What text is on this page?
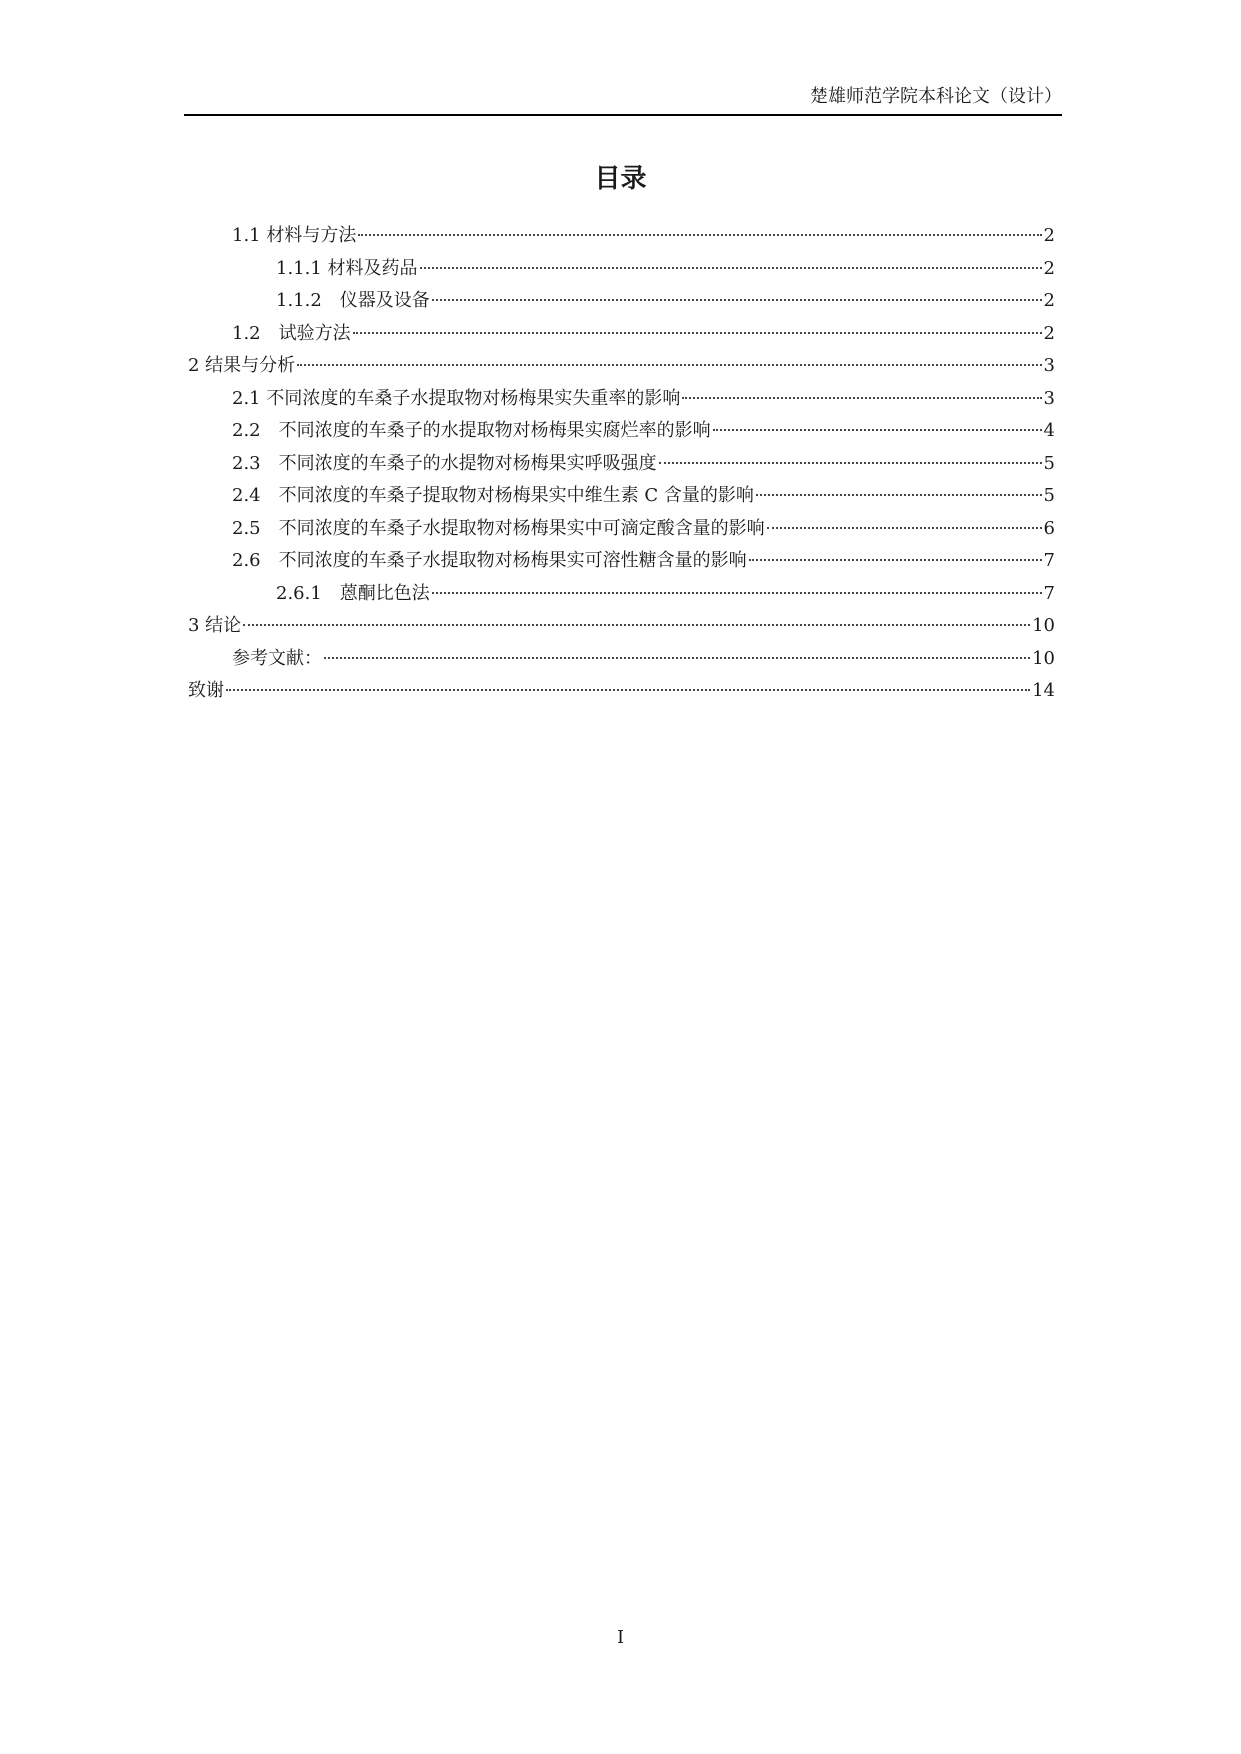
楚雄师范学院本科论文（设计）
目录
1.1 材料与方法	2
1.1.1 材料及药品	2
1.1.2　仪器及设备	2
1.2　试验方法	2
2 结果与分析	3
2.1 不同浓度的车桑子水提取物对杨梅果实失重率的影响	3
2.2　不同浓度的车桑子的水提取物对杨梅果实腐烂率的影响	4
2.3　不同浓度的车桑子的水提物对杨梅果实呼吸强度	5
2.4　不同浓度的车桑子提取物对杨梅果实中维生素 C 含量的影响	5
2.5　不同浓度的车桑子水提取物对杨梅果实中可滴定酸含量的影响	6
2.6　不同浓度的车桑子水提取物对杨梅果实可溶性糖含量的影响	7
2.6.1　蒽酮比色法	7
3 结论	10
参考文献：	10
致谢	14
I
